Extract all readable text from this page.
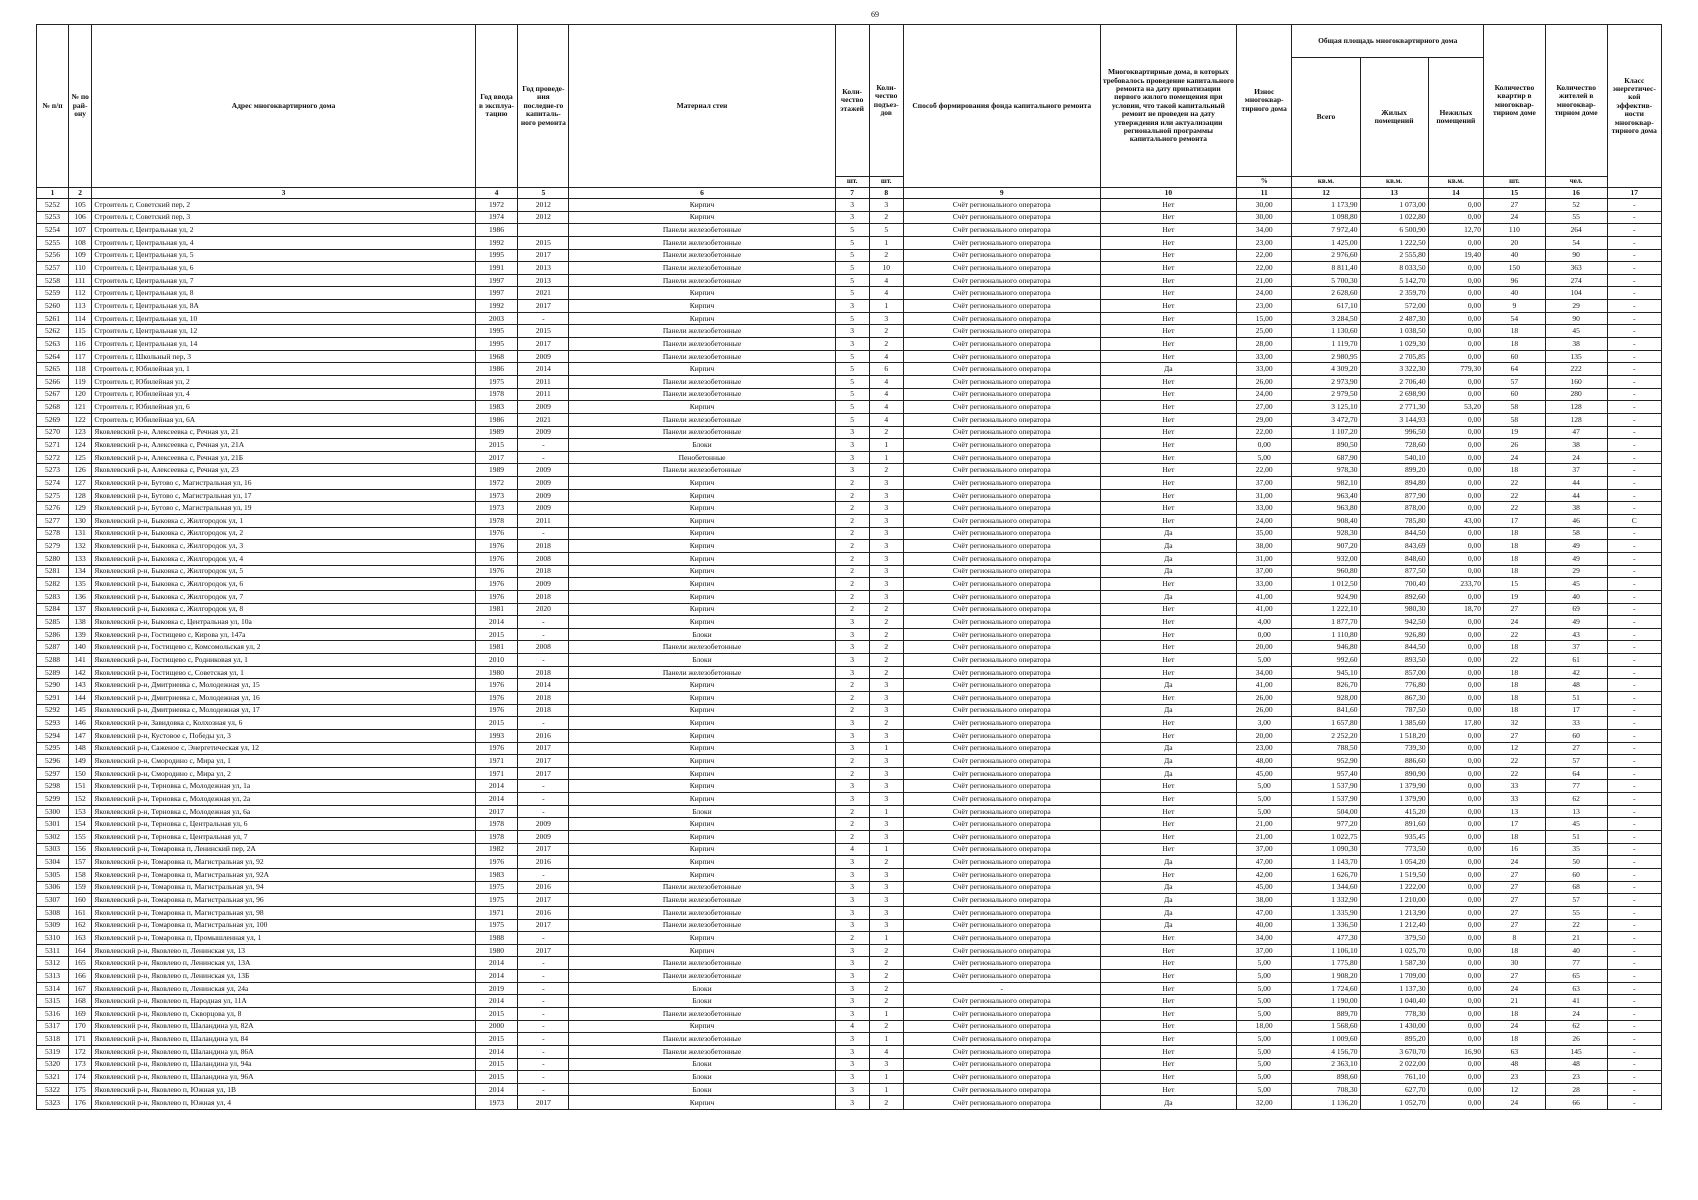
69
№ п/п	№ по рай-ону	Адрес многоквартирного дома	Год ввода в эксплуа-тацию	Год проведе-ния последне-го капиталь-ного ремонта	Материал стен	Коли-чество этажей	Коли-чество подъез-дов	Способ формирования фонда капитального ремонта	Многоквартирные дома, в которых требовалось проведение капитального ремонта на дату приватизации первого жилого помещения при условии, что такой капитальный ремонт не проведен на дату утверждения или актуализации региональной программы капитального ремонта	Износ многоквар-тирного дома	Общая площадь многоквартирного дома			Количество квартир в многоквар-тирном доме	Количество жителей в многоквар-тирном доме	Класс энергетичес-кой эффектив-ности многоквар-тирного дома
											Всего	Жилых помещений	Нежилых помещений			
						шт.	шт.			%	кв.м.	кв.м.	кв.м.	шт.	чел.	
1	2	3	4	5	6	7	8	9	10	11	12	13	14	15	16	17
5252	105	Строитель г, Советский пер, 2	1972	2012	Кирпич	3	3	Счёт регионального оператора	Нет	30,00	1 173,90	1 073,00	0,00	27	52	-
5253	106	Строитель г, Советский пер, 3	1974	2012	Кирпич	3	2	Счёт регионального оператора	Нет	30,00	1 098,80	1 022,80	0,00	24	55	-
5254	107	Строитель г, Центральная ул, 2	1986		Панели железобетонные	5	5	Счёт регионального оператора	Нет	34,00	7 972,40	6 500,90	12,70	110	264	-
5255	108	Строитель г, Центральная ул, 4	1992	2015	Панели железобетонные	5	1	Счёт регионального оператора	Нет	23,00	1 425,00	1 222,50	0,00	20	54	-
5256	109	Строитель г, Центральная ул, 5	1995	2017	Панели железобетонные	5	2	Счёт регионального оператора	Нет	22,00	2 976,60	2 555,80	19,40	40	90	-
5257	110	Строитель г, Центральная ул, 6	1991	2013	Панели железобетонные	5	10	Счёт регионального оператора	Нет	22,00	8 811,40	8 033,50	0,00	150	363	-
5258	111	Строитель г, Центральная ул, 7	1997	2013	Панели железобетонные	5	4	Счёт регионального оператора	Нет	21,00	5 700,30	5 142,70	0,00	96	274	-
5259	112	Строитель г, Центральная ул, 8	1997	2021	Кирпич	5	4	Счёт регионального оператора	Нет	24,00	2 628,60	2 359,70	0,00	40	104	-
5260	113	Строитель г, Центральная ул, 8А	1992	2017	Кирпич	3	1	Счёт регионального оператора	Нет	23,00	617,10	572,00	0,00	9	29	-
5261	114	Строитель г, Центральная ул, 10	2003	-	Кирпич	5	3	Счёт регионального оператора	Нет	15,00	3 284,50	2 487,30	0,00	54	90	-
5262	115	Строитель г, Центральная ул, 12	1995	2015	Панели железобетонные	3	2	Счёт регионального оператора	Нет	25,00	1 130,60	1 038,50	0,00	18	45	-
5263	116	Строитель г, Центральная ул, 14	1995	2017	Панели железобетонные	3	2	Счёт регионального оператора	Нет	28,00	1 119,70	1 029,30	0,00	18	38	-
5264	117	Строитель г, Школьный пер, 3	1968	2009	Панели железобетонные	5	4	Счёт регионального оператора	Нет	33,00	2 980,95	2 705,85	0,00	60	135	-
5265	118	Строитель г, Юбилейная ул, 1	1986	2014	Кирпич	5	6	Счёт регионального оператора	Да	33,00	4 309,20	3 322,30	779,30	64	222	-
5266	119	Строитель г, Юбилейная ул, 2	1975	2011	Панели железобетонные	5	4	Счёт регионального оператора	Нет	26,00	2 973,90	2 706,40	0,00	57	160	-
5267	120	Строитель г, Юбилейная ул, 4	1978	2011	Панели железобетонные	5	4	Счёт регионального оператора	Нет	24,00	2 979,50	2 698,90	0,00	60	280	-
5268	121	Строитель г, Юбилейная ул, 6	1983	2009	Кирпич	5	4	Счёт регионального оператора	Нет	27,00	3 125,10	2 771,30	53,20	58	128	-
5269	122	Строитель г, Юбилейная ул, 6А	1986	2021	Панели железобетонные	5	4	Счёт регионального оператора	Нет	29,00	3 472,70	3 144,93	0,00	58	128	-
5270	123	Яковлевский р-н, Алексеевка с, Речная ул, 21	1989	2009	Панели железобетонные	3	2	Счёт регионального оператора	Нет	22,00	1 107,20	996,50	0,00	19	47	-
5271	124	Яковлевский р-н, Алексеевка с, Речная ул, 21А	2015	-	Блоки	3	1	Счёт регионального оператора	Нет	0,00	890,50	728,60	0,00	26	38	-
5272	125	Яковлевский р-н, Алексеевка с, Речная ул, 21Б	2017	-	Пенобетонные	3	1	Счёт регионального оператора	Нет	5,00	687,90	540,10	0,00	24	24	-
5273	126	Яковлевский р-н, Алексеевка с, Речная ул, 23	1989	2009	Панели железобетонные	3	2	Счёт регионального оператора	Нет	22,00	978,30	899,20	0,00	18	37	-
5274	127	Яковлевский р-н, Бутово с, Магистральная ул, 16	1972	2009	Кирпич	2	3	Счёт регионального оператора	Нет	37,00	982,10	894,80	0,00	22	44	-
5275	128	Яковлевский р-н, Бутово с, Магистральная ул, 17	1973	2009	Кирпич	2	3	Счёт регионального оператора	Нет	31,00	963,40	877,90	0,00	22	44	-
5276	129	Яковлевский р-н, Бутово с, Магистральная ул, 19	1973	2009	Кирпич	2	3	Счёт регионального оператора	Нет	33,00	963,80	878,00	0,00	22	38	-
5277	130	Яковлевский р-н, Быковка с, Жилгородок ул, 1	1978	2011	Кирпич	2	3	Счёт регионального оператора	Нет	24,00	908,40	785,80	43,00	17	46	С
5278	131	Яковлевский р-н, Быковка с, Жилгородок ул, 2	1976	-	Кирпич	2	3	Счёт регионального оператора	Да	35,00	928,30	844,50	0,00	18	58	-
5279	132	Яковлевский р-н, Быковка с, Жилгородок ул, 3	1976	2018	Кирпич	2	3	Счёт регионального оператора	Да	38,00	907,20	843,69	0,00	18	49	-
5280	133	Яковлевский р-н, Быковка с, Жилгородок ул, 4	1976	2008	Кирпич	2	3	Счёт регионального оператора	Да	31,00	932,00	848,60	0,00	18	49	-
5281	134	Яковлевский р-н, Быковка с, Жилгородок ул, 5	1976	2018	Кирпич	2	3	Счёт регионального оператора	Да	37,00	960,80	877,50	0,00	18	29	-
5282	135	Яковлевский р-н, Быковка с, Жилгородок ул, 6	1976	2009	Кирпич	2	3	Счёт регионального оператора	Нет	33,00	1 012,50	700,40	233,70	15	45	-
5283	136	Яковлевский р-н, Быковка с, Жилгородок ул, 7	1976	2018	Кирпич	2	3	Счёт регионального оператора	Да	41,00	924,90	892,60	0,00	19	40	-
5284	137	Яковлевский р-н, Быковка с, Жилгородок ул, 8	1981	2020	Кирпич	2	2	Счёт регионального оператора	Нет	41,00	1 222,10	980,30	18,70	27	69	-
5285	138	Яковлевский р-н, Быковка с, Центральная ул, 10а	2014	-	Кирпич	3	2	Счёт регионального оператора	Нет	4,00	1 877,70	942,50	0,00	24	49	-
5286	139	Яковлевский р-н, Гостищево с, Кирова ул, 147а	2015	-	Блоки	3	2	Счёт регионального оператора	Нет	0,00	1 110,80	926,80	0,00	22	43	-
5287	140	Яковлевский р-н, Гостищево с, Комсомольская ул, 2	1981	2008	Панели железобетонные	3	2	Счёт регионального оператора	Нет	20,00	946,80	844,50	0,00	18	37	-
5288	141	Яковлевский р-н, Гостищево с, Родниковая ул, 1	2010	-	Блоки	3	2	Счёт регионального оператора	Нет	5,00	992,60	893,50	0,00	22	61	-
5289	142	Яковлевский р-н, Гостищево с, Советская ул, 1	1980	2018	Панели железобетонные	3	2	Счёт регионального оператора	Нет	34,00	945,10	857,00	0,00	18	42	-
5290	143	Яковлевский р-н, Дмитриевка с, Молодежная ул, 15	1976	2014	Кирпич	2	3	Счёт регионального оператора	Да	41,00	826,70	776,80	0,00	18	48	-
5291	144	Яковлевский р-н, Дмитриевка с, Молодежная ул, 16	1976	2018	Кирпич	2	3	Счёт регионального оператора	Нет	26,00	928,00	867,30	0,00	18	51	-
5292	145	Яковлевский р-н, Дмитриевка с, Молодежная ул, 17	1976	2018	Кирпич	2	3	Счёт регионального оператора	Да	26,00	841,60	787,50	0,00	18	17	-
5293	146	Яковлевский р-н, Завидовка с, Колхозная ул, 6	2015	-	Кирпич	3	2	Счёт регионального оператора	Нет	3,00	1 657,80	1 385,60	17,80	32	33	-
5294	147	Яковлевский р-н, Кустовое с, Победы ул, 3	1993	2016	Кирпич	3	3	Счёт регионального оператора	Нет	20,00	2 252,20	1 518,20	0,00	27	60	-
5295	148	Яковлевский р-н, Саженое с, Энергетическая ул, 12	1976	2017	Кирпич	3	1	Счёт регионального оператора	Да	23,00	788,50	739,30	0,00	12	27	-
5296	149	Яковлевский р-н, Смородино с, Мира ул, 1	1971	2017	Кирпич	2	3	Счёт регионального оператора	Да	48,00	952,90	886,60	0,00	22	57	-
5297	150	Яковлевский р-н, Смородино с, Мира ул, 2	1971	2017	Кирпич	2	3	Счёт регионального оператора	Да	45,00	957,40	890,90	0,00	22	64	-
5298	151	Яковлевский р-н, Терновка с, Молодежная ул, 1а	2014	-	Кирпич	3	3	Счёт регионального оператора	Нет	5,00	1 537,90	1 379,90	0,00	33	77	-
5299	152	Яковлевский р-н, Терновка с, Молодежная ул, 2а	2014	-	Кирпич	3	3	Счёт регионального оператора	Нет	5,00	1 537,90	1 379,90	0,00	33	62	-
5300	153	Яковлевский р-н, Терновка с, Молодежная ул, 6а	2017	-	Блоки	2	1	Счёт регионального оператора	Нет	5,00	504,00	415,20	0,00	13	13	-
5301	154	Яковлевский р-н, Терновка с, Центральная ул, 6	1978	2009	Кирпич	2	3	Счёт регионального оператора	Нет	21,00	977,20	891,60	0,00	17	45	-
5302	155	Яковлевский р-н, Терновка с, Центральная ул, 7	1978	2009	Кирпич	2	3	Счёт регионального оператора	Нет	21,00	1 022,75	935,45	0,00	18	51	-
5303	156	Яковлевский р-н, Томаровка п, Ленинский пер, 2А	1982	2017	Кирпич	4	1	Счёт регионального оператора	Нет	37,00	1 090,30	773,50	0,00	16	35	-
5304	157	Яковлевский р-н, Томаровка п, Магистральная ул, 92	1976	2016	Кирпич	3	2	Счёт регионального оператора	Да	47,00	1 143,70	1 054,20	0,00	24	50	-
5305	158	Яковлевский р-н, Томаровка п, Магистральная ул, 92А	1983	-	Кирпич	3	3	Счёт регионального оператора	Нет	42,00	1 626,70	1 519,50	0,00	27	60	-
5306	159	Яковлевский р-н, Томаровка п, Магистральная ул, 94	1975	2016	Панели железобетонные	3	3	Счёт регионального оператора	Да	45,00	1 344,60	1 222,00	0,00	27	68	-
5307	160	Яковлевский р-н, Томаровка п, Магистральная ул, 96	1975	2017	Панели железобетонные	3	3	Счёт регионального оператора	Да	38,00	1 332,90	1 210,00	0,00	27	57	-
5308	161	Яковлевский р-н, Томаровка п, Магистральная ул, 98	1971	2016	Панели железобетонные	3	3	Счёт регионального оператора	Да	47,00	1 335,90	1 213,90	0,00	27	55	-
5309	162	Яковлевский р-н, Томаровка п, Магистральная ул, 100	1975	2017	Панели железобетонные	3	3	Счёт регионального оператора	Да	40,00	1 336,50	1 212,40	0,00	27	22	-
5310	163	Яковлевский р-н, Томаровка п, Промышленная ул, 1	1988	-	Кирпич	2	1	Счёт регионального оператора	Нет	34,00	477,30	379,50	0,00	8	21	-
5311	164	Яковлевский р-н, Яковлево п, Ленинская ул, 13	1980	2017	Кирпич	3	2	Счёт регионального оператора	Нет	37,00	1 106,10	1 025,70	0,00	18	40	-
5312	165	Яковлевский р-н, Яковлево п, Ленинская ул, 13А	2014	-	Панели железобетонные	3	2	Счёт регионального оператора	Нет	5,00	1 775,80	1 587,30	0,00	30	77	-
5313	166	Яковлевский р-н, Яковлево п, Ленинская ул, 13Б	2014	-	Панели железобетонные	3	2	Счёт регионального оператора	Нет	5,00	1 908,20	1 709,00	0,00	27	65	-
5314	167	Яковлевский р-н, Яковлево п, Ленинская ул, 24а	2019	-	Блоки	3	2	-	Нет	5,00	1 724,60	1 137,30	0,00	24	63	-
5315	168	Яковлевский р-н, Яковлево п, Народная ул, 11А	2014	-	Блоки	3	2	Счёт регионального оператора	Нет	5,00	1 190,00	1 040,40	0,00	21	41	-
5316	169	Яковлевский р-н, Яковлево п, Скворцова ул, 8	2015	-	Панели железобетонные	3	1	Счёт регионального оператора	Нет	5,00	889,70	778,30	0,00	18	24	-
5317	170	Яковлевский р-н, Яковлево п, Шаландина ул, 82А	2000	-	Кирпич	4	2	Счёт регионального оператора	Нет	18,00	1 568,60	1 430,00	0,00	24	62	-
5318	171	Яковлевский р-н, Яковлево п, Шаландина ул, 84	2015	-	Панели железобетонные	3	1	Счёт регионального оператора	Нет	5,00	1 009,60	895,20	0,00	18	26	-
5319	172	Яковлевский р-н, Яковлево п, Шаландина ул, 86А	2014	-	Панели железобетонные	3	4	Счёт регионального оператора	Нет	5,00	4 156,70	3 670,70	16,90	63	145	-
5320	173	Яковлевский р-н, Яковлево п, Шаландина ул, 94а	2015	-	Блоки	3	3	Счёт регионального оператора	Нет	5,00	2 363,10	2 022,00	0,00	48	48	-
5321	174	Яковлевский р-н, Яковлево п, Шаландина ул, 96А	2015	-	Блоки	3	1	Счёт регионального оператора	Нет	5,00	898,60	761,10	0,00	23	23	-
5322	175	Яковлевский р-н, Яковлево п, Южная ул, 1В	2014	-	Блоки	3	1	Счёт регионального оператора	Нет	5,00	708,30	627,70	0,00	12	28	-
5323	176	Яковлевский р-н, Яковлево п, Южная ул, 4	1973	2017	Кирпич	3	2	Счёт регионального оператора	Да	32,00	1 136,20	1 052,70	0,00	24	66	-
